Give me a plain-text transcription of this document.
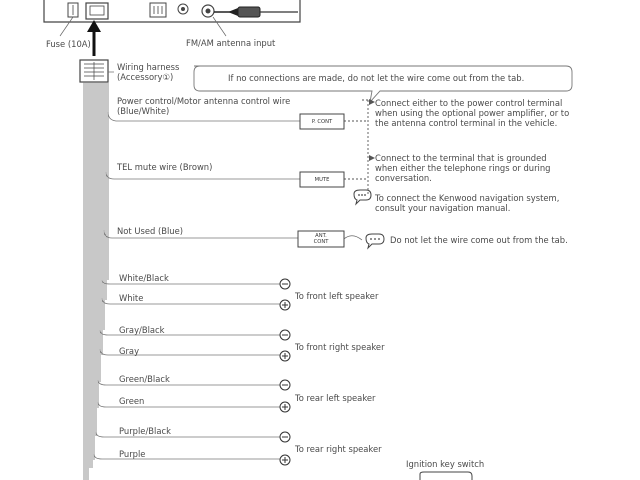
Fuse (10A)	FM/AM antenna input
Wiring harness
(Accessory①)	If no connections are made, do not let the wire come out from the tab.
Power control/Motor antenna control wire
(Blue/White)
TEL mute wire (Brown)
Not Used (Blue)
P. CONT
MUTE
ANT.
CONT
Connect either to the power control terminal
when using the optional power amplifier, or to
the antenna control terminal in the vehicle.
Connect to the terminal that is grounded
when either the telephone rings or during
conversation.
To connect the Kenwood navigation system,
consult your navigation manual.
Do not let the wire come out from the tab.
White/Black
White
Gray/Black
Gray
Green/Black
Green
Purple/Black
Purple
To front left speaker
To front right speaker
To rear left speaker
To rear right speaker
Ignition key switch
